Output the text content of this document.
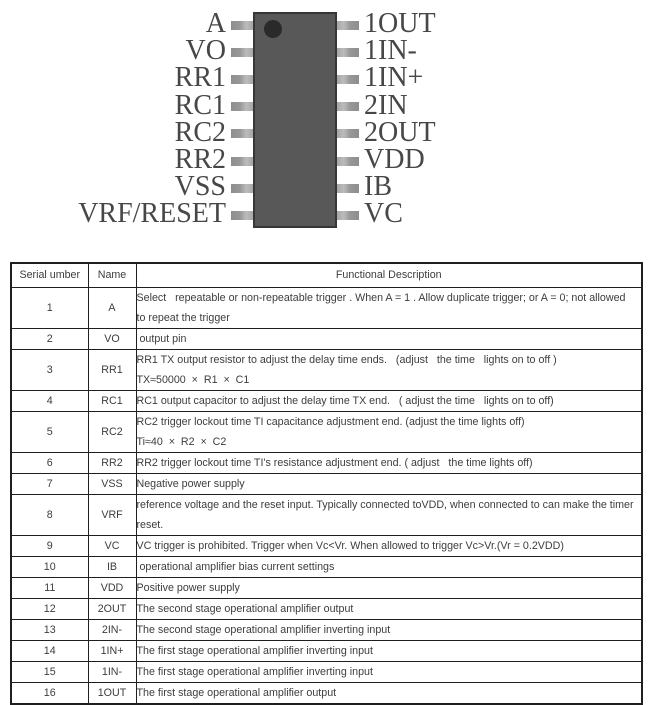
A
VO
RR1
RC1
RC2
RR2
VSS
VRF/RESET
1OUT
1IN-
1IN+
2IN
2OUT
VDD
IB
VC
Serial umber	Name	Functional Description
1	A	Select   repeatable or non-repeatable trigger . When A = 1 . Allow duplicate trigger; or A = 0; not allowed
to repeat the trigger

2	VO	output pin

3	RR1	RR1 TX output resistor to adjust the delay time ends.   (adjust   the time   lights on to off )
TX≈50000  ×  R1  ×  C1

4	RC1	RC1 output capacitor to adjust the delay time TX end.   ( adjust the time   lights on to off)

5	RC2	RC2 trigger lockout time TI capacitance adjustment end. (adjust the time lights off)
Ti≈40  ×  R2  ×  C2

6	RR2	RR2 trigger lockout time TI's resistance adjustment end. ( adjust   the time lights off)

7	VSS	Negative power supply

8	VRF	reference voltage and the reset input. Typically connected toVDD, when connected to can make the timer
reset.

9	VC	VC trigger is prohibited. Trigger when Vc<Vr. When allowed to trigger Vc>Vr.(Vr = 0.2VDD)

10	IB	operational amplifier bias current settings

11	VDD	Positive power supply

12	2OUT	The second stage operational amplifier output

13	2IN-	The second stage operational amplifier inverting input

14	1IN+	The first stage operational amplifier inverting input

15	1IN-	The first stage operational amplifier inverting input

16	1OUT	The first stage operational amplifier output
